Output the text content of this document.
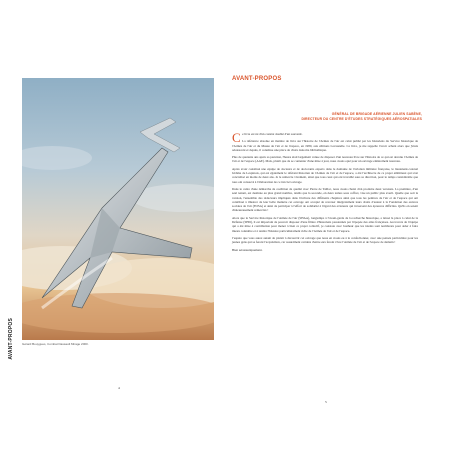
AVANT-PROPOS	Gérard Bouygues, Combat Dassault Mirage 2000.
4
AVANT-PROPOS
GÉNÉRAL DE BRIGADE AÉRIENNE JULIEN SABÈNE,
DIRECTEUR DU CENTRE D'ÉTUDES STRATÉGIQUES AÉROSPATIALES

Ce livre est né d'un constat doublé d'un souvenir.

La référence absolue en matière de livre sur l'histoire de l'Armée de l'air est celui publié par les historiens du Service historique de l'Armée de l'air et du Musée de l'air et de l'espace, en 1980, aux éditions Lavauzelle. Ce livre, je me rappelle l'avoir acheté alors que j'étais adolescent et depuis, il constitue une pièce de choix dans ma bibliothèque.

Plus de quarante ans après sa parution, l'heure était largement venue de disposer d'un nouveau livre sur l'histoire de ce qui est devenu l'Armée de l'air et de l'espace (AAE). Mais, plutôt que de se contenter d'une mise à jour, nous avons opté pour un ouvrage entièrement nouveau.

Après avoir constitué une équipe de docteurs et de doctorants experts dans le domaine de l'aviation militaire française, le lieutenant-colonel Jérôme de Lespinois, qui est également le référent historien de l'Armée de l'air et de l'espace, a été l'architecte de ce projet ambitieux qui s'est concrétisé en moins de deux ans. Je le remercie vivement, ainsi que tous ceux qui ont travaillé sous sa direction, pour le temps considérable que tous ont consacré à l'élaboration de ce très bel ouvrage.

Dans le cadre d'une démarche de coédition de qualité avec Pierre de Taillac, nous avons choisi d'en produire deux versions. La première, d'un seul tenant, est destinée au plus grand nombre, tandis que la seconde, en deux tomes sous coffret, vise un public plus averti. Quelle que soit la version, l'ensemble des rédacteurs impliqués dans l'écriture des différents chapitres ainsi que tous les peintres de l'air et de l'espace qui ont contribué à illustrer de leur belle manière cet ouvrage ont accepté de reverser intégralement leurs droits d'auteur à la Fondation des œuvres sociales de l'air (FOSA) et ainsi de participer à l'effort de solidarité à l'égard des aviateurs qui traversent des épreuves difficiles. Qu'ils en soient chaleureusement remerciés !

Alors que le Service historique de l'Armée de l'air (SHAA), longtemps à l'avant-garde de la recherche historique, a laissé la place à celui de la Défense (SHD), il est important de pouvoir disposer d'une filière d'historiens passionnés par l'épopée des ailes françaises. Au travers de l'équipe qui a été mise à contribution pour mener à bien ce projet collectif, je constate avec bonheur que les talents sont nombreux pour aider à faire mieux connaître et à rendre l'histoire particulièrement riche de l'Armée de l'air et de l'espace.

J'espère que vous aurez autant de plaisir à découvrir cet ouvrage que nous en avons eu à le confectionner, avec une pensée particulière pour les jeunes gens qui se feront l'acquisition, car assurément certains d'entre eux feront vivre l'Armée de l'air et de l'espace de demain !

Bien aéronautiquement.

5
